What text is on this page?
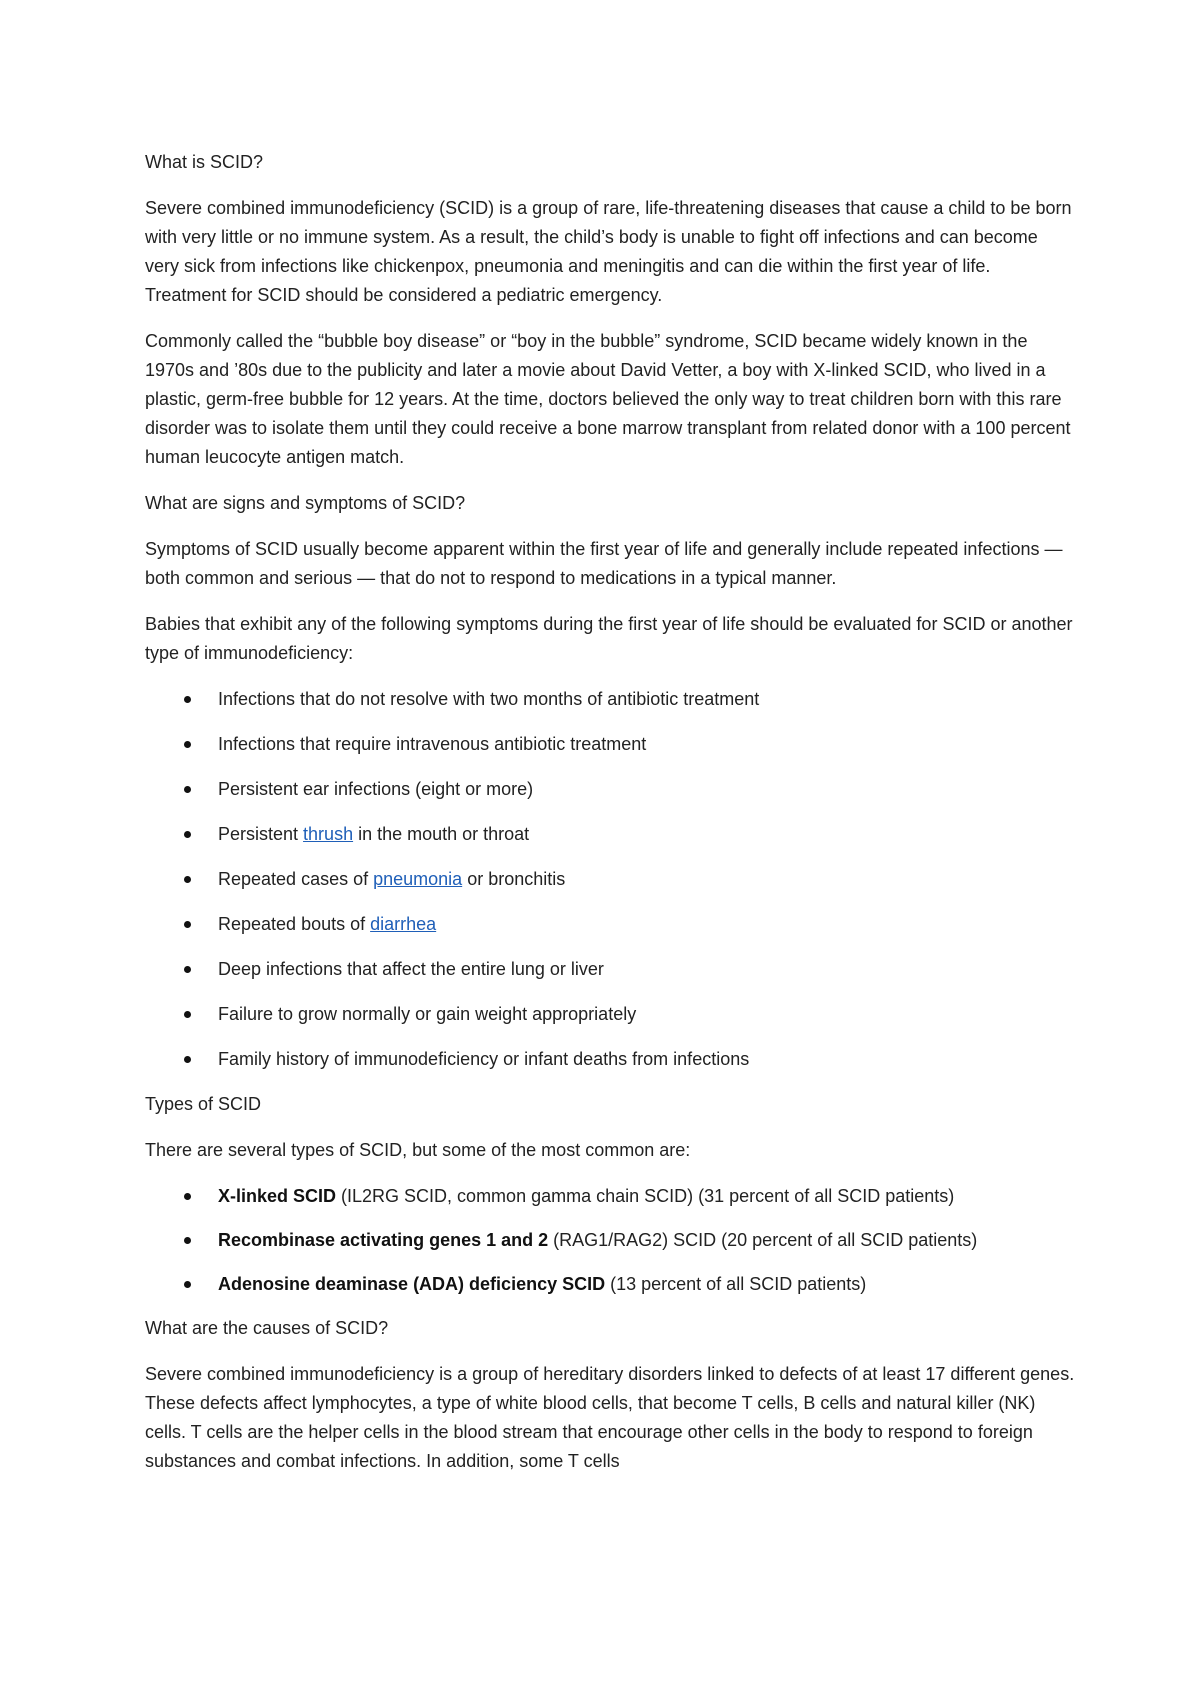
What is SCID?

Severe combined immunodeficiency (SCID) is a group of rare, life-threatening diseases that cause a child to be born with very little or no immune system. As a result, the child’s body is unable to fight off infections and can become very sick from infections like chickenpox, pneumonia and meningitis and can die within the first year of life. Treatment for SCID should be considered a pediatric emergency.

Commonly called the “bubble boy disease” or “boy in the bubble” syndrome, SCID became widely known in the 1970s and ’80s due to the publicity and later a movie about David Vetter, a boy with X-linked SCID, who lived in a plastic, germ-free bubble for 12 years. At the time, doctors believed the only way to treat children born with this rare disorder was to isolate them until they could receive a bone marrow transplant from related donor with a 100 percent human leucocyte antigen match.

What are signs and symptoms of SCID?

Symptoms of SCID usually become apparent within the first year of life and generally include repeated infections — both common and serious — that do not to respond to medications in a typical manner.

Babies that exhibit any of the following symptoms during the first year of life should be evaluated for SCID or another type of immunodeficiency:

Infections that do not resolve with two months of antibiotic treatment
Infections that require intravenous antibiotic treatment
Persistent ear infections (eight or more)
Persistent thrush in the mouth or throat
Repeated cases of pneumonia or bronchitis
Repeated bouts of diarrhea
Deep infections that affect the entire lung or liver
Failure to grow normally or gain weight appropriately
Family history of immunodeficiency or infant deaths from infections

Types of SCID

There are several types of SCID, but some of the most common are:

X-linked SCID (IL2RG SCID, common gamma chain SCID) (31 percent of all SCID patients)
Recombinase activating genes 1 and 2 (RAG1/RAG2) SCID (20 percent of all SCID patients)
Adenosine deaminase (ADA) deficiency SCID (13 percent of all SCID patients)

What are the causes of SCID?

Severe combined immunodeficiency is a group of hereditary disorders linked to defects of at least 17 different genes. These defects affect lymphocytes, a type of white blood cells, that become T cells, B cells and natural killer (NK) cells. T cells are the helper cells in the blood stream that encourage other cells in the body to respond to foreign substances and combat infections. In addition, some T cells
